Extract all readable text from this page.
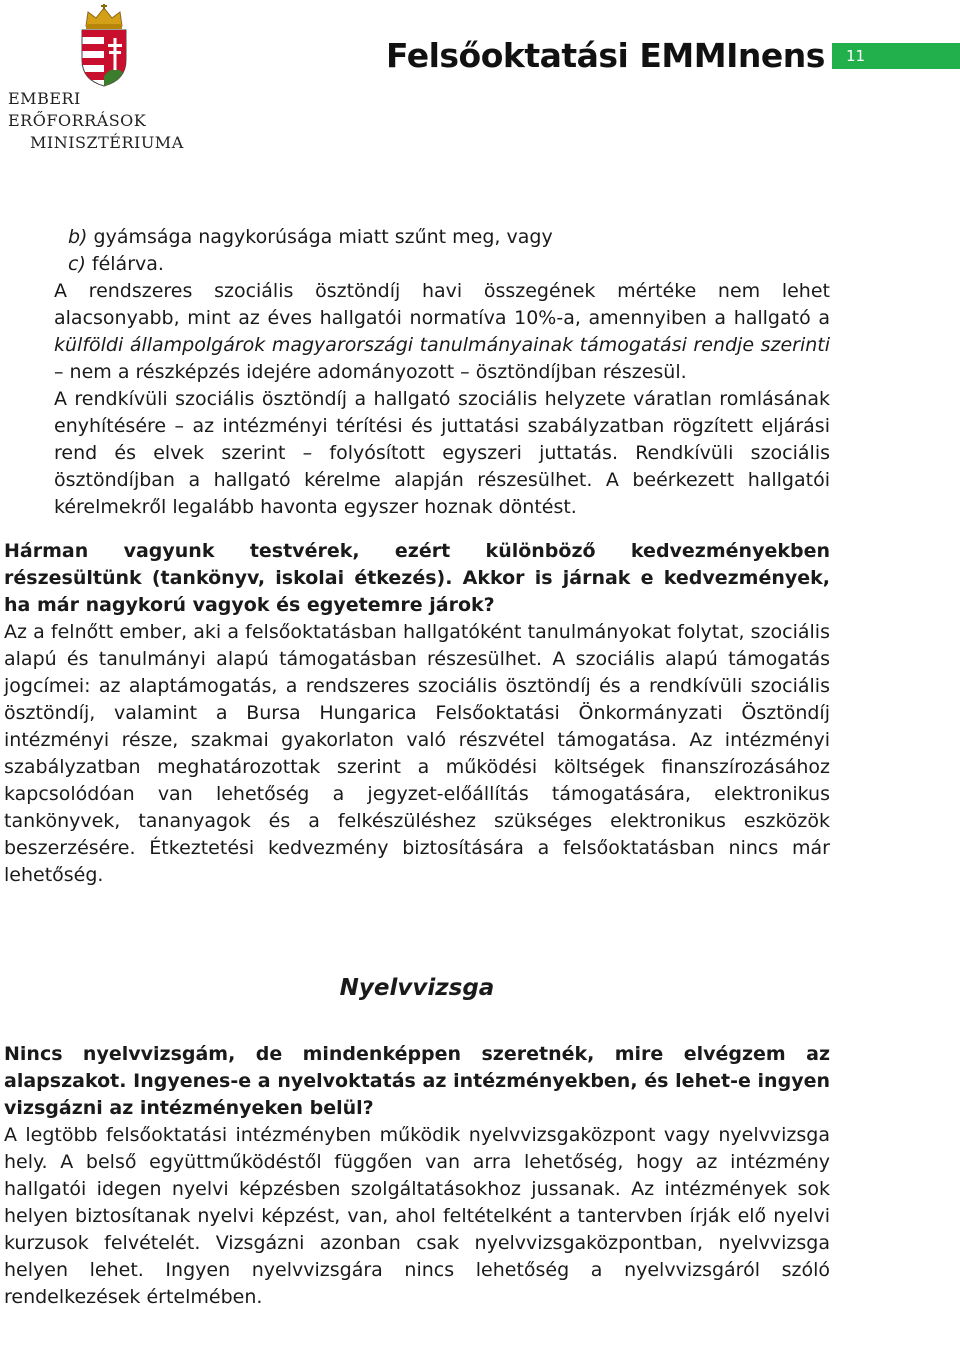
EMBERI ERŐFORRÁSOK
MINISZTÉRIUMA
Felsőoktatási EMMInens	11

b) gyámsága nagykorúsága miatt szűnt meg, vagy

c) félárva.

A rendszeres szociális ösztöndíj havi összegének mértéke nem lehet alacsonyabb, mint az éves hallgatói normatíva 10%-a, amennyiben a hallgató a külföldi állampolgárok magyarországi tanulmányainak támogatási rendje szerinti – nem a részképzés idejére adományozott – ösztöndíjban részesül.

A rendkívüli szociális ösztöndíj a hallgató szociális helyzete váratlan romlásának enyhítésére – az intézményi térítési és juttatási szabályzatban rögzített eljárási rend és elvek szerint – folyósított egyszeri juttatás. Rendkívüli szociális ösztöndíjban a hallgató kérelme alapján részesülhet. A beérkezett hallgatói kérelmekről legalább havonta egyszer hoznak döntést.

Hárman vagyunk testvérek, ezért különböző kedvezményekben részesültünk (tankönyv, iskolai étkezés). Akkor is járnak e kedvezmények, ha már nagykorú vagyok és egyetemre járok?

Az a felnőtt ember, aki a felsőoktatásban hallgatóként tanulmányokat folytat, szociális alapú és tanulmányi alapú támogatásban részesülhet. A szociális alapú támogatás jogcímei: az alaptámogatás, a rendszeres szociális ösztöndíj és a rendkívüli szociális ösztöndíj, valamint a Bursa Hungarica Felsőoktatási Önkormányzati Ösztöndíj intézményi része, szakmai gyakorlaton való részvétel támogatása. Az intézményi szabályzatban meghatározottak szerint a működési költségek finanszírozásához kapcsolódóan van lehetőség a jegyzet-előállítás támogatására, elektronikus tankönyvek, tananyagok és a felkészüléshez szükséges elektronikus eszközök beszerzésére. Étkeztetési kedvezmény biztosítására a felsőoktatásban nincs már lehetőség.

Nyelvvizsga

Nincs nyelvvizsgám, de mindenképpen szeretnék, mire elvégzem az alapszakot. Ingyenes-e a nyelvoktatás az intézményekben, és lehet-e ingyen vizsgázni az intézményeken belül?

A legtöbb felsőoktatási intézményben működik nyelvvizsgaközpont vagy nyelvvizsga hely. A belső együttműködéstől függően van arra lehetőség, hogy az intézmény hallgatói idegen nyelvi képzésben szolgáltatásokhoz jussanak. Az intézmények sok helyen biztosítanak nyelvi képzést, van, ahol feltételként a tantervben írják elő nyelvi kurzusok felvételét. Vizsgázni azonban csak nyelvvizsgaközpontban, nyelvvizsga helyen lehet. Ingyen nyelvvizsgára nincs lehetőség a nyelvvizsgáról szóló rendelkezések értelmében.
